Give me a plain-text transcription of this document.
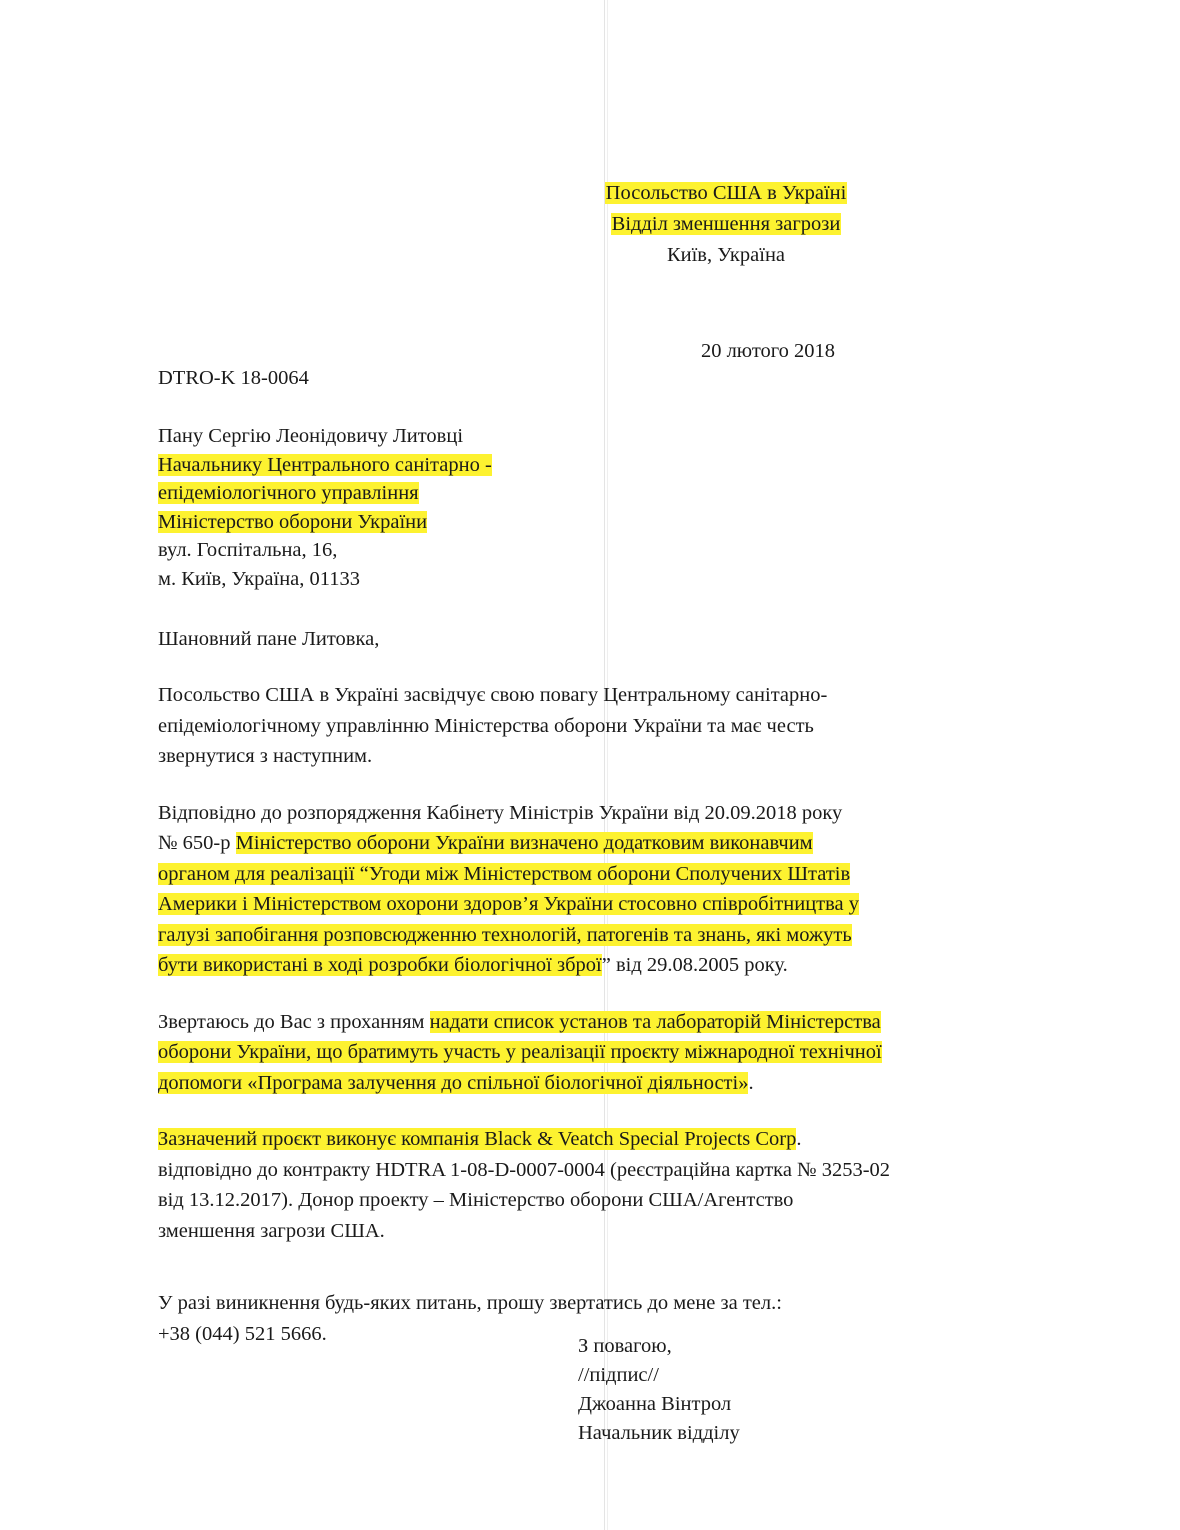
Посольство США в Україні
Відділ зменшення загрози
Київ, Україна
20 лютого 2018
DTRO-K 18-0064
Пану Сергію Леонідовичу Литовці
Начальнику Центрального санітарно -
епідеміологічного управління
Міністерство оборони України
вул. Госпітальна, 16,
м. Київ, Україна, 01133
Шановний пане Литовка,

Посольство США в Україні засвідчує свою повагу Центральному санітарно-
епідеміологічному управлінню Міністерства оборони України та має честь
звернутися з наступним.

Відповідно до розпорядження Кабінету Міністрів України від 20.09.2018 року
№ 650-р Міністерство оборони України визначено додатковим виконавчим
органом для реалізації “Угоди між Міністерством оборони Сполучених Штатів
Америки і Міністерством охорони здоров’я України стосовно співробітництва у
галузі запобігання розповсюдженню технологій, патогенів та знань, які можуть
бути використані в ході розробки біологічної зброї” від 29.08.2005 року.

Звертаюсь до Вас з проханням надати список установ та лабораторій Міністерства
оборони України, що братимуть участь у реалізації проєкту міжнародної технічної
допомоги «Програма залучення до спільної біологічної діяльності».

Зазначений проєкт виконує компанія Black & Veatch Special Projects Corp.
відповідно до контракту HDTRA 1-08-D-0007-0004 (реєстраційна картка № 3253-02
від 13.12.2017). Донор проекту – Міністерство оборони США/Агентство
зменшення загрози США.

У разі виникнення будь-яких питань, прошу звертатись до мене за тел.:
+38 (044) 521 5666.

З повагою,
//підпис//
Джоанна Вінтрол
Начальник відділу
